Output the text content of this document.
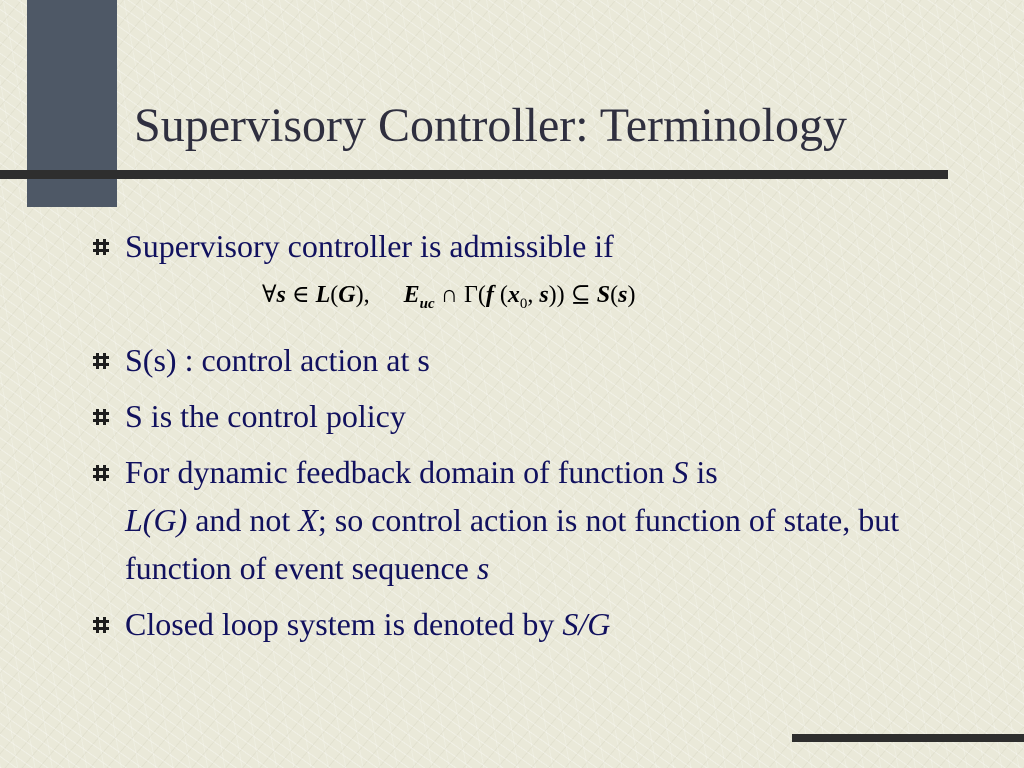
Supervisory Controller: Terminology
Supervisory controller is admissible if
∀s ∈ L(G), $E_{uc}$ ∩ Γ(f ($x_0$, s)) ⊆ S(s)
S(s) : control action at s
S is the control policy
For dynamic feedback domain of function S is
L(G) and not X; so control action is not function of state, but function of event sequence s
Closed loop system is denoted by S/G
